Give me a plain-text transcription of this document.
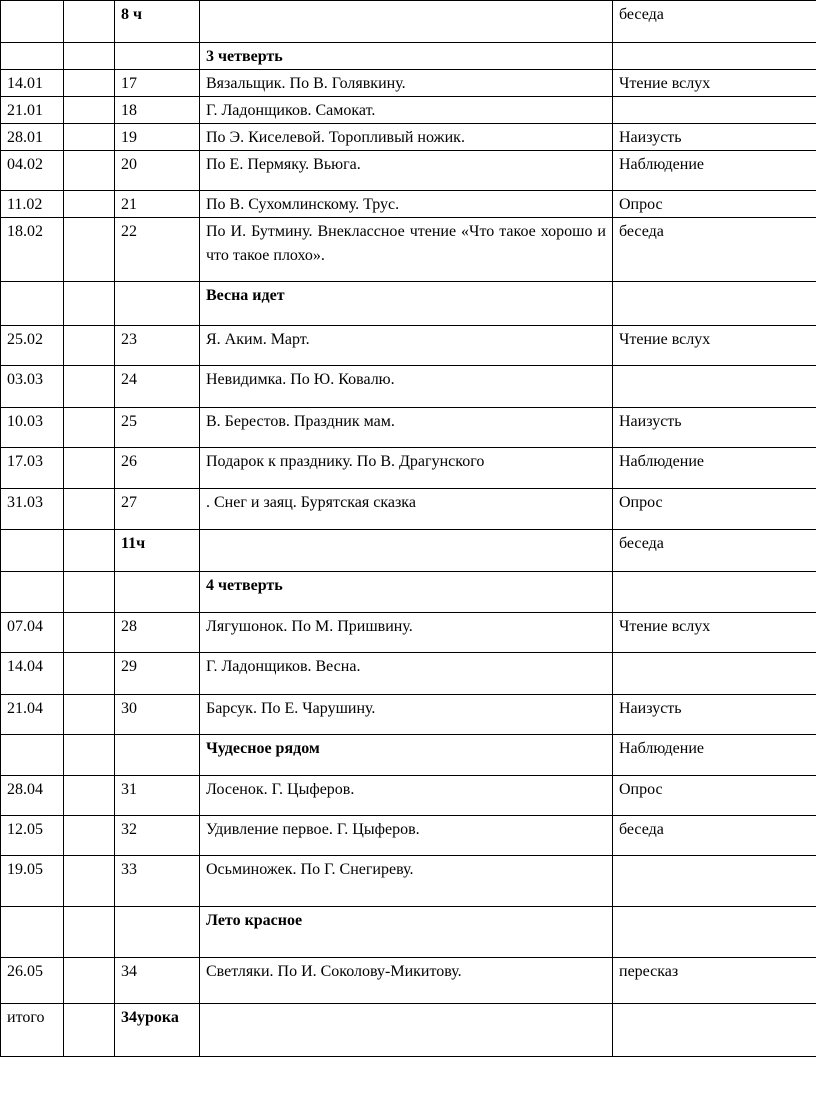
		8 ч		беседа

			3 четверть	

14.01		17	Вязальщик. По В. Голявкину.	Чтение вслух
21.01		18	Г. Ладонщиков. Самокат.	

28.01		19	По Э. Киселевой. Торопливый ножик.	Наизусть
04.02		20	По Е. Пермяку. Вьюга.	Наблюдение
11.02		21	По В. Сухомлинскому. Трус.	Опрос
18.02		22	По И. Бутмину. Внеклассное чтение «Что такое хорошо и что такое плохо».	беседа

			Весна идет	

25.02		23	Я. Аким. Март.	Чтение вслух
03.03		24	Невидимка. По Ю. Ковалю.	

10.03		25	В. Берестов. Праздник мам.	Наизусть
17.03		26	Подарок к празднику. По В. Драгунского	Наблюдение
31.03		27	. Снег и заяц. Бурятская сказка	Опрос
		11ч		беседа

			4 четверть	

07.04		28	Лягушонок. По М. Пришвину.	Чтение вслух
14.04		29	Г. Ладонщиков. Весна.	

21.04		30	Барсук. По Е. Чарушину.	Наизусть

			Чудесное рядом	Наблюдение
28.04		31	Лосенок. Г. Цыферов.	Опрос
12.05		32	Удивление первое. Г. Цыферов.	беседа
19.05		33	Осьминожек. По Г. Снегиреву.	

			Лето красное	

26.05		34	Светляки. По И. Соколову-Микитову.	пересказ
итого		34урока	
